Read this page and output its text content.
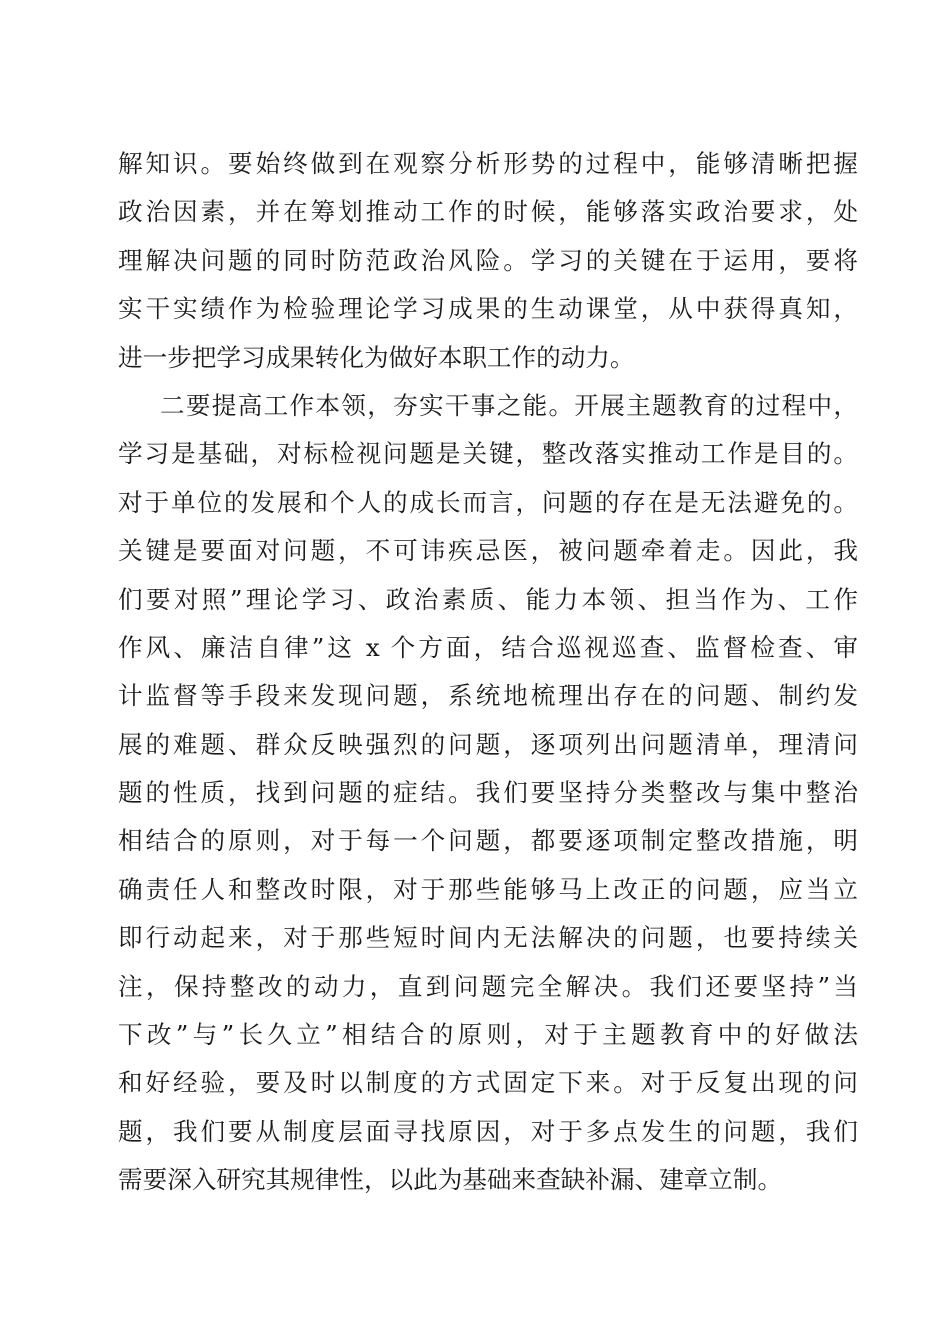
解知识。要始终做到在观察分析形势的过程中，能够清晰把握
政治因素，并在筹划推动工作的时候，能够落实政治要求，处
理解决问题的同时防范政治风险。学习的关键在于运用，要将
实干实绩作为检验理论学习成果的生动课堂，从中获得真知，
进一步把学习成果转化为做好本职工作的动力。
二要提高工作本领，夯实干事之能。开展主题教育的过程中，
学习是基础，对标检视问题是关键，整改落实推动工作是目的。
对于单位的发展和个人的成长而言，问题的存在是无法避免的。
关键是要面对问题，不可讳疾忌医，被问题牵着走。因此，我
们要对照”理论学习、政治素质、能力本领、担当作为、工作
作风、廉洁自律”这 x 个方面，结合巡视巡查、监督检查、审
计监督等手段来发现问题，系统地梳理出存在的问题、制约发
展的难题、群众反映强烈的问题，逐项列出问题清单，理清问
题的性质，找到问题的症结。我们要坚持分类整改与集中整治
相结合的原则，对于每一个问题，都要逐项制定整改措施，明
确责任人和整改时限，对于那些能够马上改正的问题，应当立
即行动起来，对于那些短时间内无法解决的问题，也要持续关
注，保持整改的动力，直到问题完全解决。我们还要坚持”当
下改”与”长久立”相结合的原则，对于主题教育中的好做法
和好经验，要及时以制度的方式固定下来。对于反复出现的问
题，我们要从制度层面寻找原因，对于多点发生的问题，我们
需要深入研究其规律性，以此为基础来查缺补漏、建章立制。
